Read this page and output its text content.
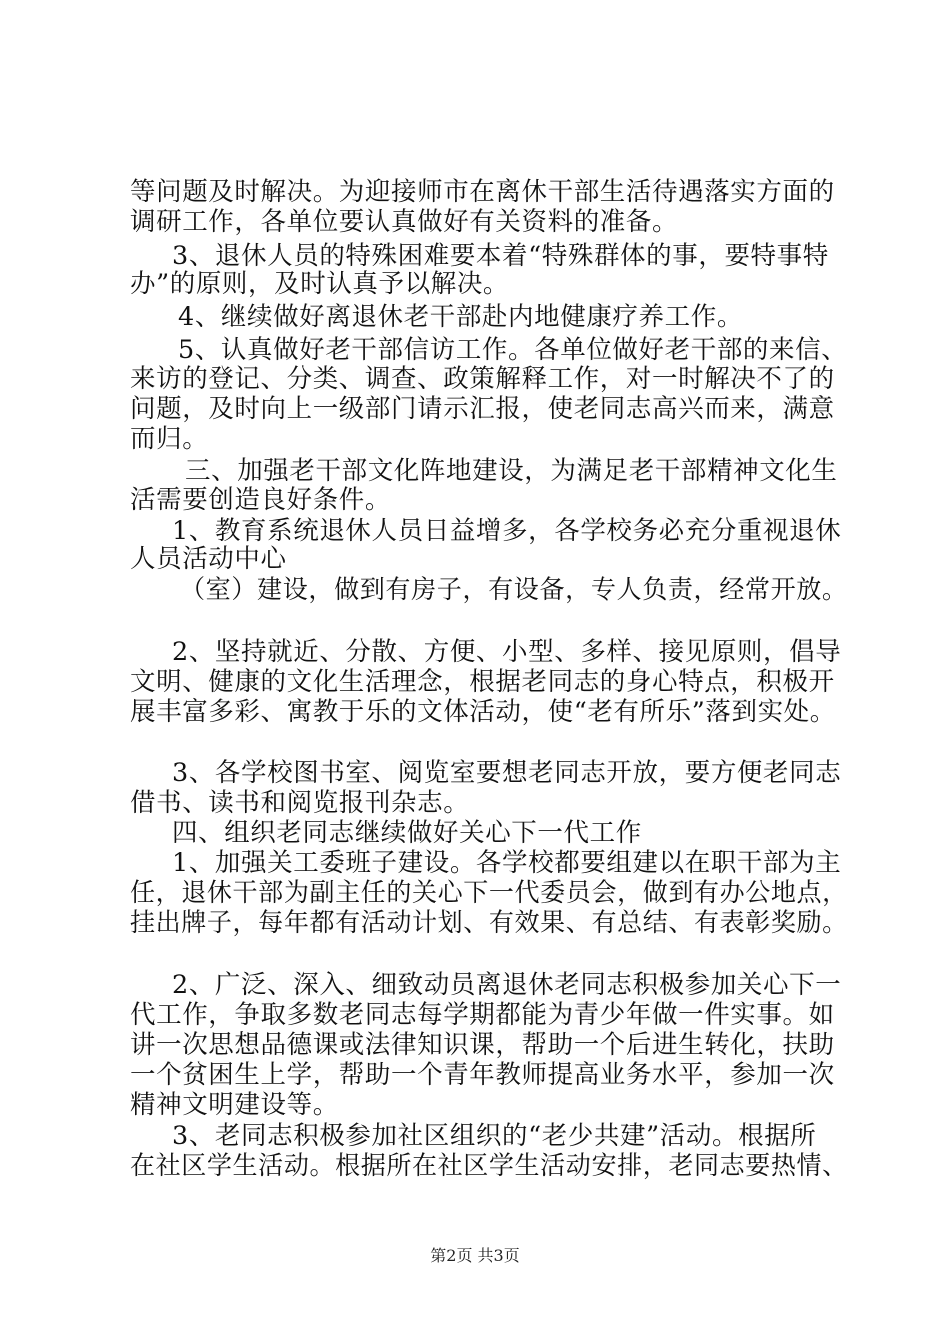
等问题及时解决。为迎接师市在离休干部生活待遇落实方面的
调研工作，各单位要认真做好有关资料的准备。
3、退休人员的特殊困难要本着“特殊群体的事，要特事特
办”的原则，及时认真予以解决。
4、继续做好离退休老干部赴内地健康疗养工作。
5、认真做好老干部信访工作。各单位做好老干部的来信、
来访的登记、分类、调查、政策解释工作，对一时解决不了的
问题，及时向上一级部门请示汇报，使老同志高兴而来，满意
而归。
三、加强老干部文化阵地建设，为满足老干部精神文化生
活需要创造良好条件。
1、教育系统退休人员日益增多，各学校务必充分重视退休
人员活动中心
（室）建设，做到有房子，有设备，专人负责，经常开放。
2、坚持就近、分散、方便、小型、多样、接见原则，倡导
文明、健康的文化生活理念，根据老同志的身心特点，积极开
展丰富多彩、寓教于乐的文体活动，使“老有所乐”落到实处。
3、各学校图书室、阅览室要想老同志开放，要方便老同志
借书、读书和阅览报刊杂志。
四、组织老同志继续做好关心下一代工作
1、加强关工委班子建设。各学校都要组建以在职干部为主
任，退休干部为副主任的关心下一代委员会，做到有办公地点，
挂出牌子，每年都有活动计划、有效果、有总结、有表彰奖励。
2、广泛、深入、细致动员离退休老同志积极参加关心下一
代工作，争取多数老同志每学期都能为青少年做一件实事。如
讲一次思想品德课或法律知识课，帮助一个后进生转化，扶助
一个贫困生上学，帮助一个青年教师提高业务水平，参加一次
精神文明建设等。
3、老同志积极参加社区组织的“老少共建”活动。根据所
在社区学生活动。根据所在社区学生活动安排，老同志要热情、
第2页 共3页
